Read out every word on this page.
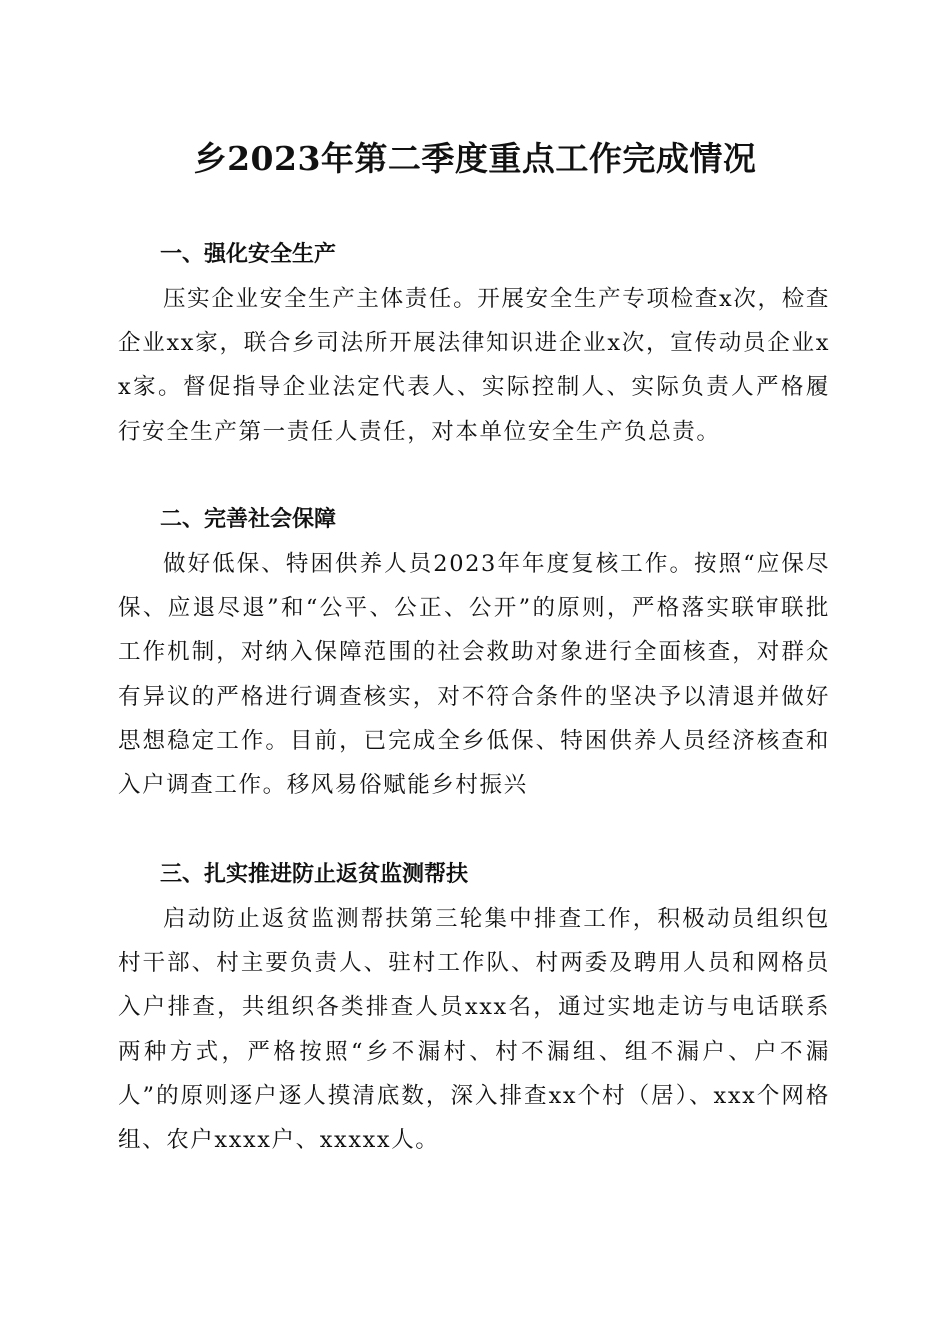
乡2023年第二季度重点工作完成情况
一、强化安全生产

压实企业安全生产主体责任。开展安全生产专项检查x次，检查企业xx家，联合乡司法所开展法律知识进企业x次，宣传动员企业xx家。督促指导企业法定代表人、实际控制人、实际负责人严格履行安全生产第一责任人责任，对本单位安全生产负总责。

二、完善社会保障

做好低保、特困供养人员2023年年度复核工作。按照“应保尽保、应退尽退”和“公平、公正、公开”的原则，严格落实联审联批工作机制，对纳入保障范围的社会救助对象进行全面核查，对群众有异议的严格进行调查核实，对不符合条件的坚决予以清退并做好思想稳定工作。目前，已完成全乡低保、特困供养人员经济核查和入户调查工作。移风易俗赋能乡村振兴

三、扎实推进防止返贫监测帮扶

启动防止返贫监测帮扶第三轮集中排查工作，积极动员组织包村干部、村主要负责人、驻村工作队、村两委及聘用人员和网格员入户排查，共组织各类排查人员xxx名，通过实地走访与电话联系两种方式，严格按照“乡不漏村、村不漏组、组不漏户、户不漏人”的原则逐户逐人摸清底数，深入排查xx个村（居）、xxx个网格组、农户xxxx户、xxxxx人。
